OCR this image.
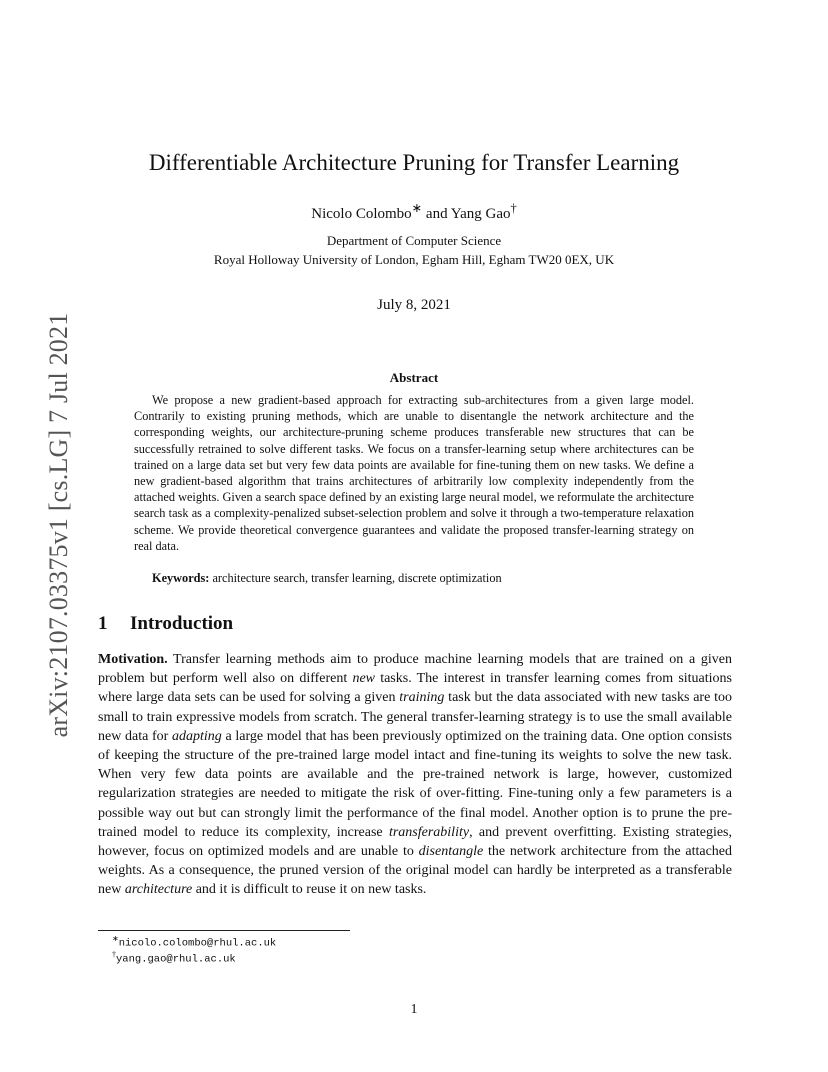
arXiv:2107.03375v1 [cs.LG] 7 Jul 2021
Differentiable Architecture Pruning for Transfer Learning
Nicolo Colombo∗ and Yang Gao†
Department of Computer Science
Royal Holloway University of London, Egham Hill, Egham TW20 0EX, UK
July 8, 2021
Abstract

We propose a new gradient-based approach for extracting sub-architectures from a given large model. Contrarily to existing pruning methods, which are unable to disentangle the network architecture and the corresponding weights, our architecture-pruning scheme produces transferable new structures that can be successfully retrained to solve different tasks. We focus on a transfer-learning setup where architectures can be trained on a large data set but very few data points are available for fine-tuning them on new tasks. We define a new gradient-based algorithm that trains architectures of arbitrarily low complexity independently from the attached weights. Given a search space defined by an existing large neural model, we reformulate the architecture search task as a complexity-penalized subset-selection problem and solve it through a two-temperature relaxation scheme. We provide theoretical convergence guarantees and validate the proposed transfer-learning strategy on real data.

Keywords: architecture search, transfer learning, discrete optimization
1 Introduction

Motivation. Transfer learning methods aim to produce machine learning models that are trained on a given problem but perform well also on different new tasks. The interest in transfer learning comes from situations where large data sets can be used for solving a given training task but the data associated with new tasks are too small to train expressive models from scratch. The general transfer-learning strategy is to use the small available new data for adapting a large model that has been previously optimized on the training data. One option consists of keeping the structure of the pre-trained large model intact and fine-tuning its weights to solve the new task. When very few data points are available and the pre-trained network is large, however, customized regularization strategies are needed to mitigate the risk of over-fitting. Fine-tuning only a few parameters is a possible way out but can strongly limit the performance of the final model. Another option is to prune the pre-trained model to reduce its complexity, increase transferability, and prevent overfitting. Existing strategies, however, focus on optimized models and are unable to disentangle the network architecture from the attached weights. As a consequence, the pruned version of the original model can hardly be interpreted as a transferable new architecture and it is difficult to reuse it on new tasks.

∗nicolo.colombo@rhul.ac.uk
†yang.gao@rhul.ac.uk
1
